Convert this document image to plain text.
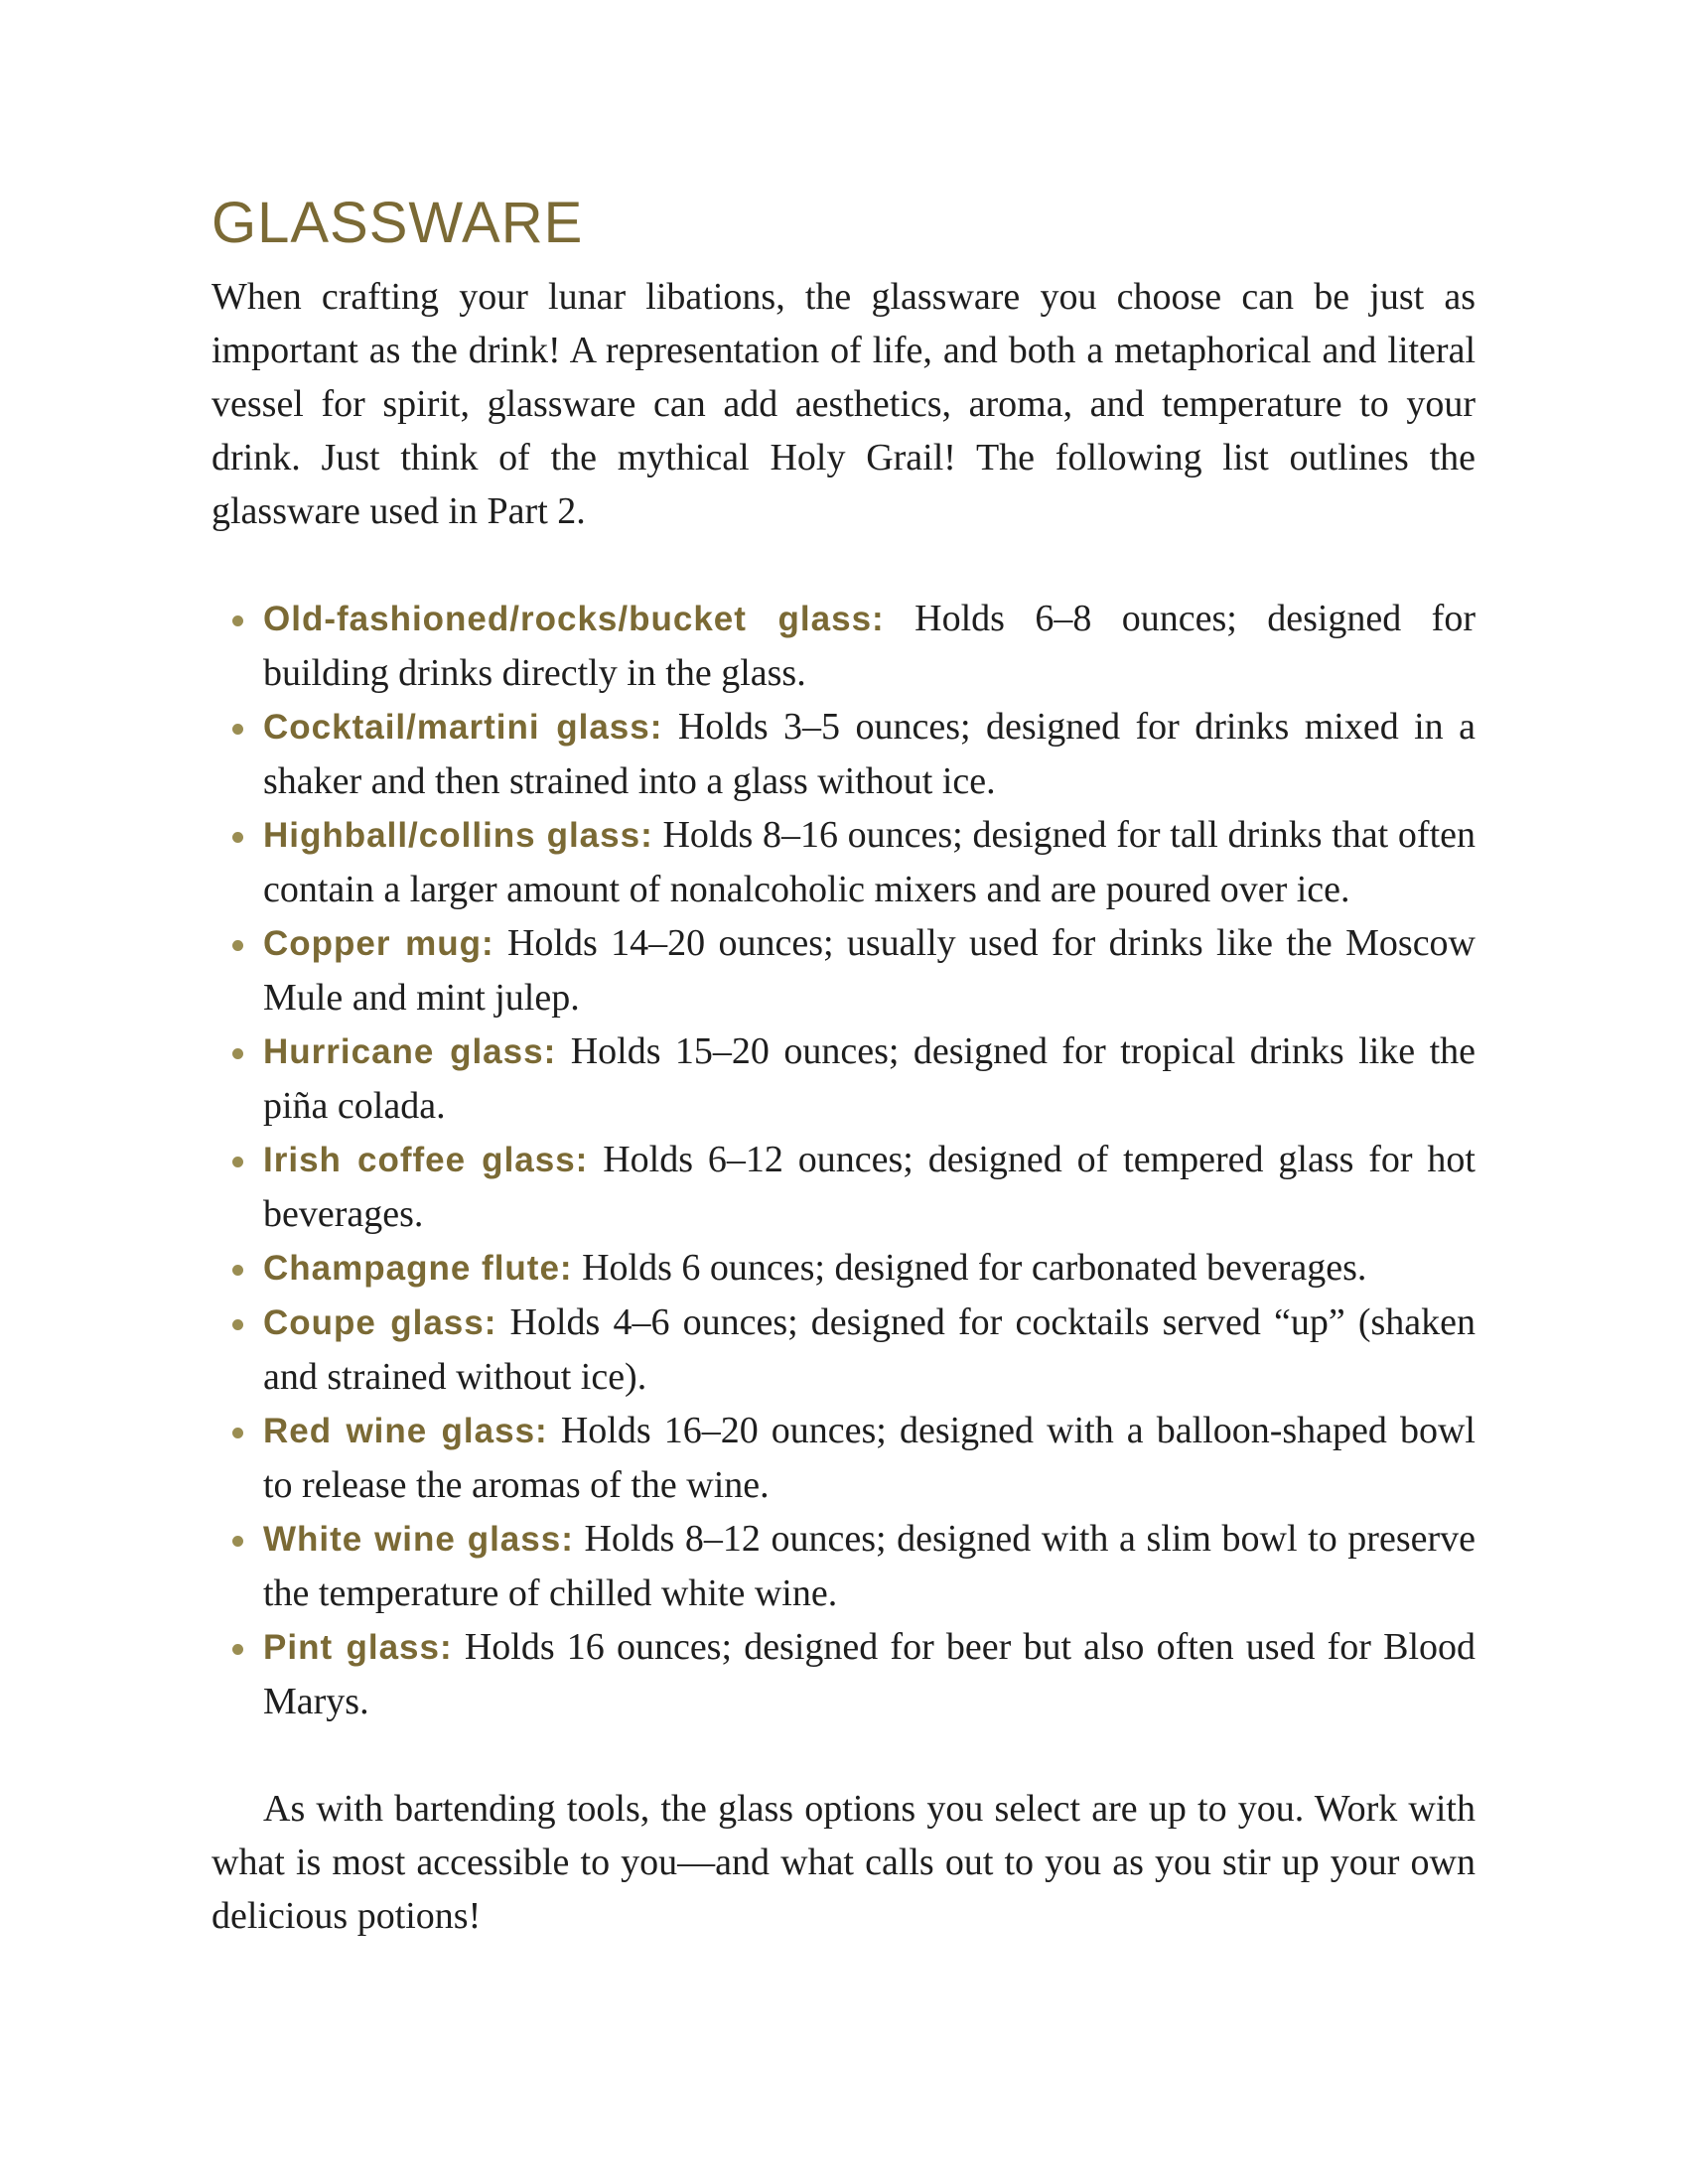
GLASSWARE

When crafting your lunar libations, the glassware you choose can be just as important as the drink! A representation of life, and both a metaphorical and literal vessel for spirit, glassware can add aesthetics, aroma, and temperature to your drink. Just think of the mythical Holy Grail! The following list outlines the glassware used in Part 2.

Old-fashioned/rocks/bucket glass: Holds 6–8 ounces; designed for building drinks directly in the glass.
Cocktail/martini glass: Holds 3–5 ounces; designed for drinks mixed in a shaker and then strained into a glass without ice.
Highball/collins glass: Holds 8–16 ounces; designed for tall drinks that often contain a larger amount of nonalcoholic mixers and are poured over ice.
Copper mug: Holds 14–20 ounces; usually used for drinks like the Moscow Mule and mint julep.
Hurricane glass: Holds 15–20 ounces; designed for tropical drinks like the piña colada.
Irish coffee glass: Holds 6–12 ounces; designed of tempered glass for hot beverages.
Champagne flute: Holds 6 ounces; designed for carbonated beverages.
Coupe glass: Holds 4–6 ounces; designed for cocktails served “up” (shaken and strained without ice).
Red wine glass: Holds 16–20 ounces; designed with a balloon-shaped bowl to release the aromas of the wine.
White wine glass: Holds 8–12 ounces; designed with a slim bowl to preserve the temperature of chilled white wine.
Pint glass: Holds 16 ounces; designed for beer but also often used for Blood Marys.

As with bartending tools, the glass options you select are up to you. Work with what is most accessible to you—and what calls out to you as you stir up your own delicious potions!
